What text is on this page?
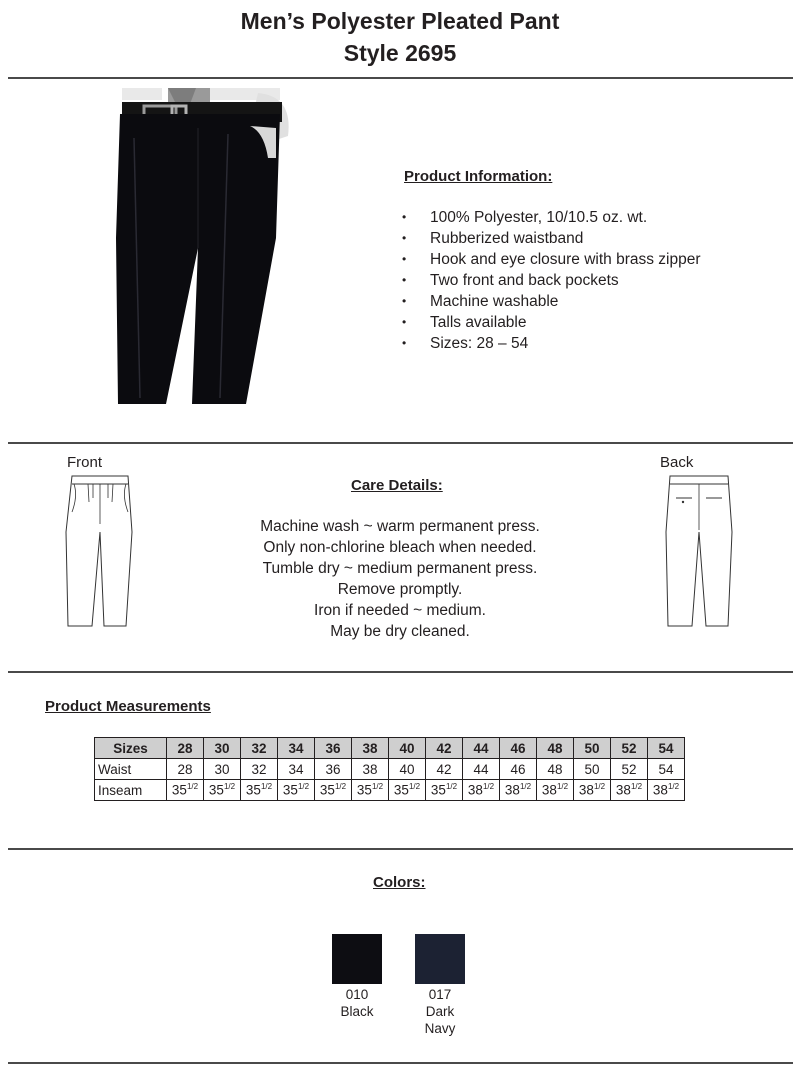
Men’s Polyester Pleated Pant
Style 2695
Product Information:
• 100% Polyester, 10/10.5 oz. wt.
• Rubberized waistband
• Hook and eye closure with brass zipper
• Two front and back pockets
• Machine washable
• Talls available
• Sizes: 28 – 54
Front	Back
Care Details:
Machine wash ~ warm permanent press.
Only non-chlorine bleach when needed.
Tumble dry ~ medium permanent press.
Remove promptly.
Iron if needed ~ medium.
May be dry cleaned.
Product Measurements
Sizes	28	30	32	34	36	38	40	42	44	46	48	50	52	54
Waist	28	30	32	34	36	38	40	42	44	46	48	50	52	54
Inseam	$35^{1/2}$	$35^{1/2}$	$35^{1/2}$	$35^{1/2}$	$35^{1/2}$	$35^{1/2}$	$35^{1/2}$	$35^{1/2}$	$38^{1/2}$	$38^{1/2}$	$38^{1/2}$	$38^{1/2}$	$38^{1/2}$	$38^{1/2}$
Colors:
010
Black
017
Dark
Navy
